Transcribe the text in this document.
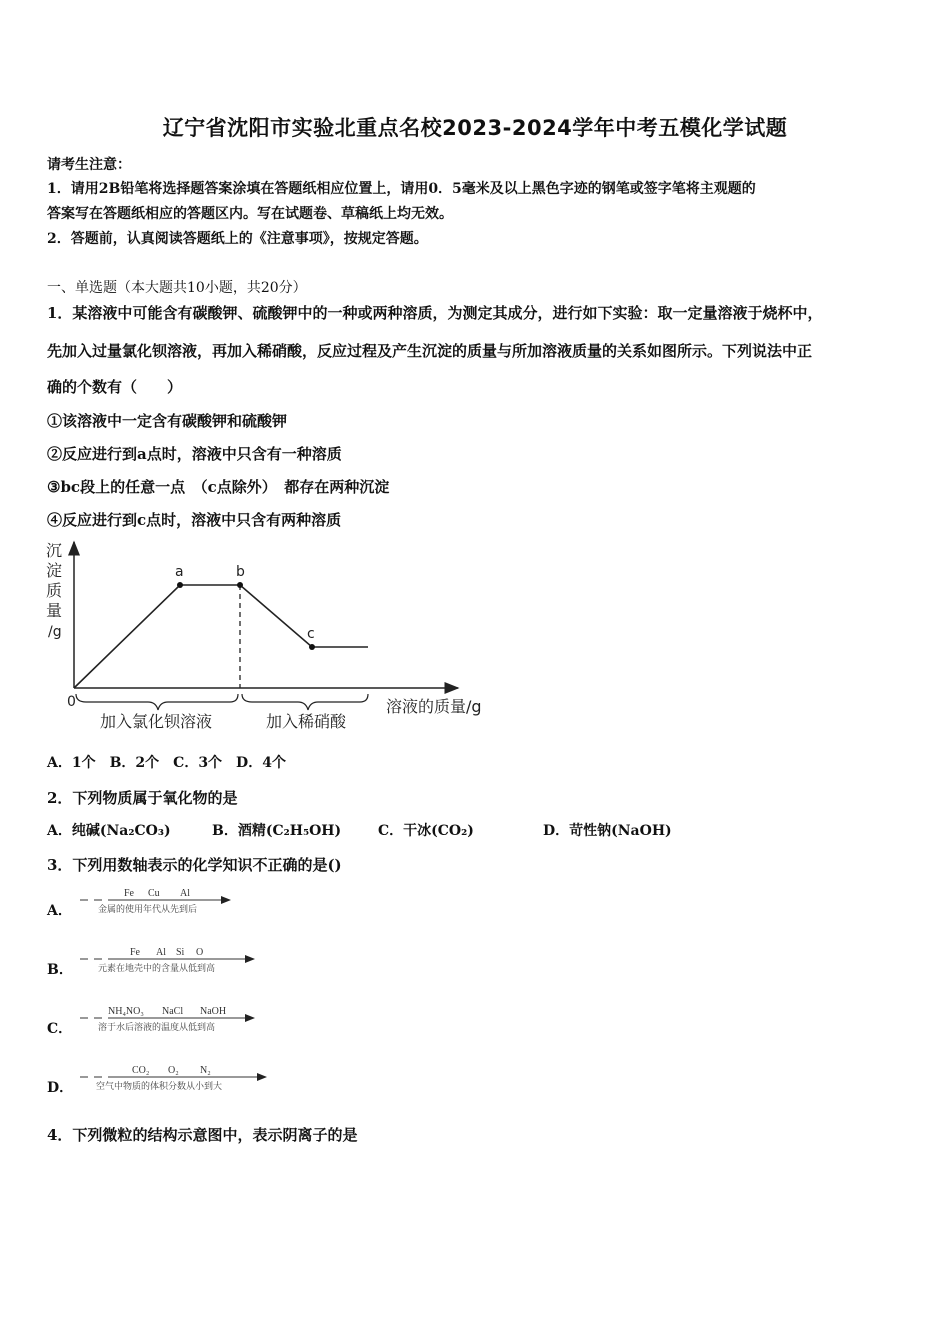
辽宁省沈阳市实验北重点名校2023-2024学年中考五模化学试题
请考生注意：
1．请用2B铅笔将选择题答案涂填在答题纸相应位置上，请用0．5毫米及以上黑色字迹的钢笔或签字笔将主观题的
答案写在答题纸相应的答题区内。写在试题卷、草稿纸上均无效。
2．答题前，认真阅读答题纸上的《注意事项》，按规定答题。
一、单选题（本大题共10小题，共20分）
1．某溶液中可能含有碳酸钾、硫酸钾中的一种或两种溶质，为测定其成分，进行如下实验：取一定量溶液于烧杯中，
先加入过量氯化钡溶液，再加入稀硝酸，反应过程及产生沉淀的质量与所加溶液质量的关系如图所示。下列说法中正
确的个数有（　　）
①该溶液中一定含有碳酸钾和硫酸钾
②反应进行到a点时，溶液中只含有一种溶质
③bc段上的任意一点　（c点除外）　都存在两种沉淀
④反应进行到c点时，溶液中只含有两种溶质
沉
淀
质
量
/g
0
a	b
c
加入氯化钡溶液	加入稀硝酸
溶液的质量/g
A．1个　B．2个　C．3个　D．4个
2．下列物质属于氧化物的是
A．纯碱(Na₂CO₃)	B．酒精(C₂H₅OH)	C．干冰(CO₂)	D．苛性钠(NaOH)
3．下列用数轴表示的化学知识不正确的是()
A．
Fe Cu Al
金属的使用年代从先到后
B．
Fe Al Si O
元素在地壳中的含量从低到高
C．
NH₄NO₃ NaCl NaOH
溶于水后溶液的温度从低到高
D．
CO₂ O₂ N₂
空气中物质的体积分数从小到大
4．下列微粒的结构示意图中，表示阴离子的是
